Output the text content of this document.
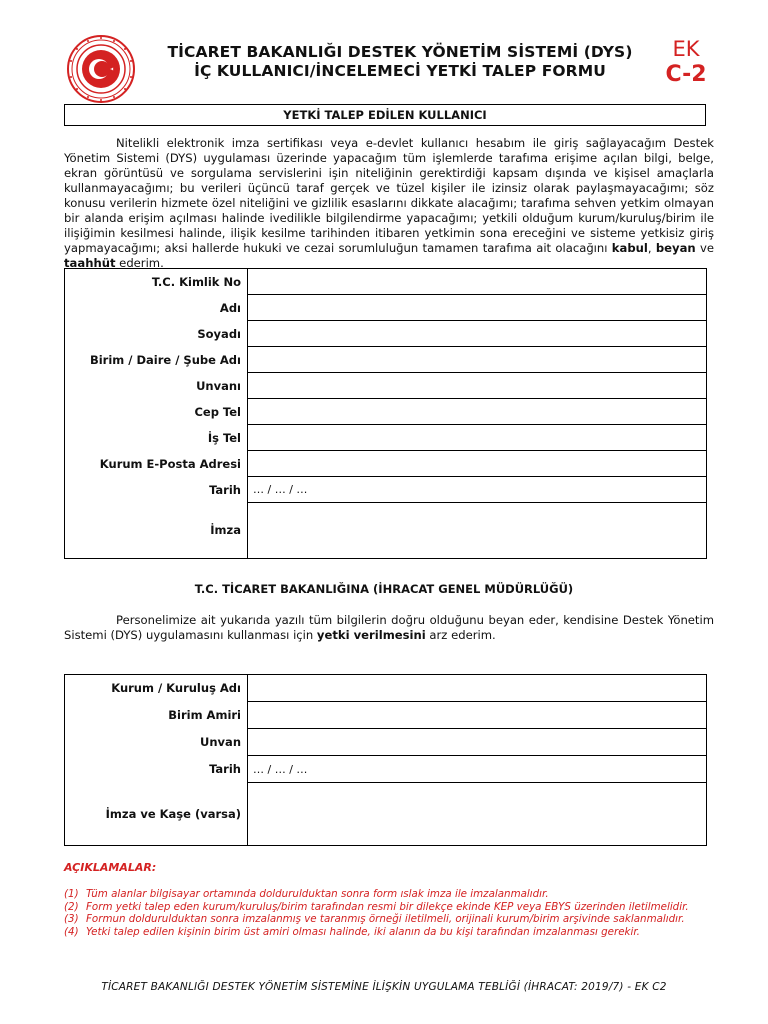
TİCARET BAKANLIĞI DESTEK YÖNETİM SİSTEMİ (DYS)
İÇ KULLANICI/İNCELEMECİ YETKİ TALEP FORMU
EK
C-2
YETKİ TALEP EDİLEN KULLANICI
Nitelikli elektronik imza sertifikası veya e-devlet kullanıcı hesabım ile giriş sağlayacağım Destek Yönetim Sistemi (DYS) uygulaması üzerinde yapacağım tüm işlemlerde tarafıma erişime açılan bilgi, belge, ekran görüntüsü ve sorgulama servislerini işin niteliğinin gerektirdiği kapsam dışında ve kişisel amaçlarla kullanmayacağımı; bu verileri üçüncü taraf gerçek ve tüzel kişiler ile izinsiz olarak paylaşmayacağımı; söz konusu verilerin hizmete özel niteliğini ve gizlilik esaslarını dikkate alacağımı; tarafıma sehven yetkim olmayan bir alanda erişim açılması halinde ivedilikle bilgilendirme yapacağımı; yetkili olduğum kurum/kuruluş/birim ile ilişiğimin kesilmesi halinde, ilişik kesilme tarihinden itibaren yetkimin sona ereceğini ve sisteme yetkisiz giriş yapmayacağımı; aksi hallerde hukuki ve cezai sorumluluğun tamamen tarafıma ait olacağını kabul, beyan ve taahhüt ederim.
T.C. Kimlik No	
Adı	
Soyadı	
Birim / Daire / Şube Adı	
Unvanı	
Cep Tel	
İş Tel	
Kurum E-Posta Adresi	
Tarih	… / … / …
İmza	
T.C. TİCARET BAKANLIĞINA (İHRACAT GENEL MÜDÜRLÜĞÜ)
Personelimize ait yukarıda yazılı tüm bilgilerin doğru olduğunu beyan eder, kendisine Destek Yönetim Sistemi (DYS) uygulamasını kullanması için yetki verilmesini arz ederim.
Kurum / Kuruluş Adı	
Birim Amiri	
Unvan	
Tarih	… / … / …
İmza ve Kaşe (varsa)	
AÇIKLAMALAR:
(1) Tüm alanlar bilgisayar ortamında doldurulduktan sonra form ıslak imza ile imzalanmalıdır.
(2) Form yetki talep eden kurum/kuruluş/birim tarafından resmi bir dilekçe ekinde KEP veya EBYS üzerinden iletilmelidir.
(3) Formun doldurulduktan sonra imzalanmış ve taranmış örneği iletilmeli, orijinali kurum/birim arşivinde saklanmalıdır.
(4) Yetki talep edilen kişinin birim üst amiri olması halinde, iki alanın da bu kişi tarafından imzalanması gerekir.
TİCARET BAKANLIĞI DESTEK YÖNETİM SİSTEMİNE İLİŞKİN UYGULAMA TEBLİĞİ (İHRACAT: 2019/7) - EK C2
